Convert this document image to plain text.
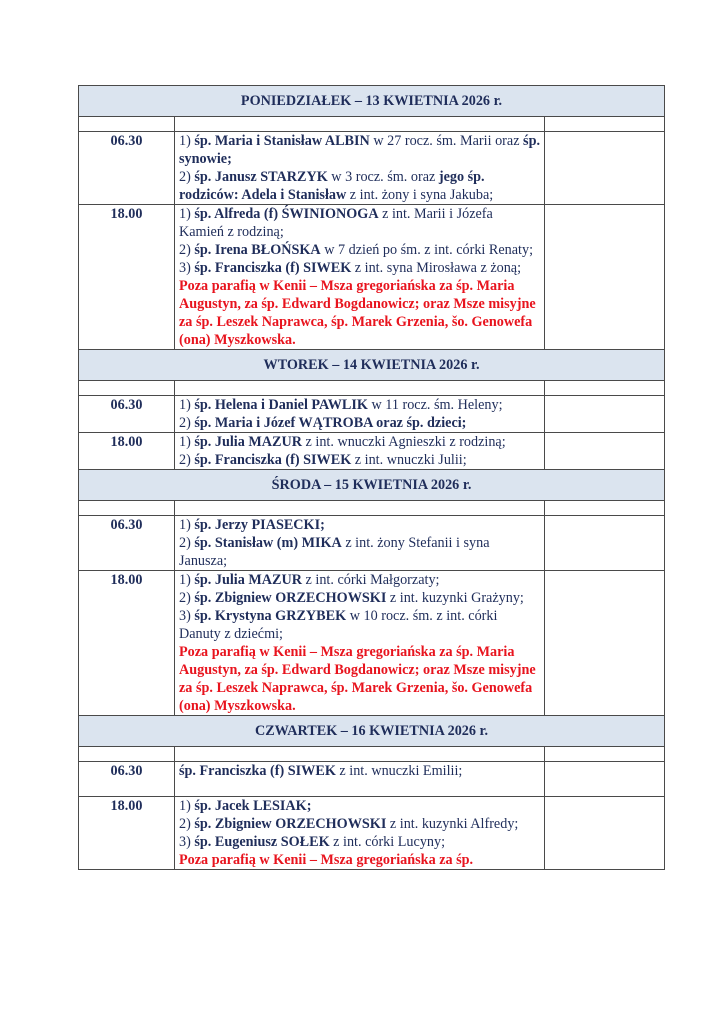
PONIEDZIAŁEK – 13 KWIETNIA 2026 r.		

06.30	1) śp. Maria i Stanisław ALBIN w 27 rocz. śm. Marii oraz śp. synowie;
2) śp. Janusz STARZYK w 3 rocz. śm. oraz jego śp. rodziców: Adela i Stanisław z int. żony i syna Jakuba;	

18.00	1) śp. Alfreda (f) ŚWINIONOGA z int. Marii i Józefa Kamień z rodziną;
2) śp. Irena BŁOŃSKA w 7 dzień po śm. z int. córki Renaty;
3) śp. Franciszka (f) SIWEK z int. syna Mirosława z żoną;
Poza parafią w Kenii – Msza gregoriańska za śp. Maria Augustyn, za śp. Edward Bogdanowicz; oraz Msze misyjne za śp. Leszek Naprawca, śp. Marek Grzenia, šo. Genowefa (ona) Myszkowska.	

WTOREK – 14 KWIETNIA 2026 r.		

06.30	1) śp. Helena i Daniel PAWLIK w 11 rocz. śm. Heleny;
2) śp. Maria i Józef WĄTROBA oraz śp. dzieci;	

18.00	1) śp. Julia MAZUR z int. wnuczki Agnieszki z rodziną;
2) śp. Franciszka (f) SIWEK z int. wnuczki Julii;	

ŚRODA – 15 KWIETNIA 2026 r.		

06.30	1) śp. Jerzy PIASECKI;
2) śp. Stanisław (m) MIKA z int. żony Stefanii i syna Janusza;	

18.00	1) śp. Julia MAZUR z int. córki Małgorzaty;
2) śp. Zbigniew ORZECHOWSKI z int. kuzynki Grażyny;
3) śp. Krystyna GRZYBEK w 10 rocz. śm. z int. córki Danuty z dziećmi;
Poza parafią w Kenii – Msza gregoriańska za śp. Maria Augustyn, za śp. Edward Bogdanowicz; oraz Msze misyjne za śp. Leszek Naprawca, śp. Marek Grzenia, šo. Genowefa (ona) Myszkowska.	

CZWARTEK – 16 KWIETNIA 2026 r.		

06.30	śp. Franciszka (f) SIWEK z int. wnuczki Emilii;	

18.00	1) śp. Jacek LESIAK;
2) śp. Zbigniew ORZECHOWSKI z int. kuzynki Alfredy;
3) śp. Eugeniusz SOŁEK z int. córki Lucyny;
Poza parafią w Kenii – Msza gregoriańska za śp.	
